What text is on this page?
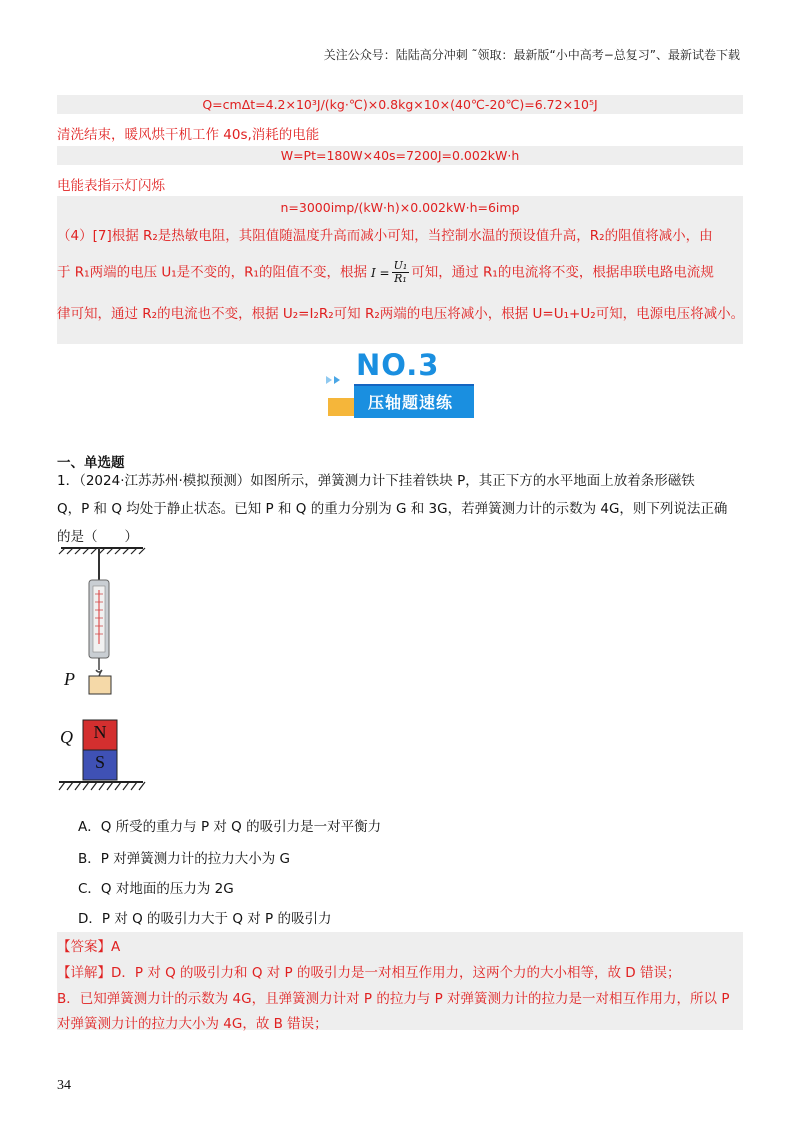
关注公众号：陆陆高分冲刺 ˜领取：最新版“小中高考−总复习”、最新试卷下载
Q=cmΔt=4.2×10³J/(kg·℃)×0.8kg×10×(40℃-20℃)=6.72×10⁵J
清洗结束，暖风烘干机工作 40s,消耗的电能
W=Pt=180W×40s=7200J=0.002kW·h
电能表指示灯闪烁
n=3000imp/(kW·h)×0.002kW·h=6imp
（4）[7]根据 R₂是热敏电阻，其阻值随温度升高而减小可知，当控制水温的预设值升高，R₂的阻值将减小，由
于 R₁两端的电压 U₁是不变的，R₁的阻值不变，根据 $I = \frac{\text{U₁}}{\text{R₁}}$ 可知，通过 R₁的电流将不变，根据串联电路电流规
律可知，通过 R₂的电流也不变，根据 U₂=I₂R₂可知 R₂两端的电压将减小，根据 U=U₁+U₂可知，电源电压将减小。
NO.3
压轴题速练
一、单选题
1．（2024·江苏苏州·模拟预测）如图所示，弹簧测力计下挂着铁块 P，其正下方的水平地面上放着条形磁铁
Q，P 和 Q 均处于静止状态。已知 P 和 Q 的重力分别为 G 和 3G，若弹簧测力计的示数为 4G，则下列说法正确
的是（　　）
P
Q	N
S
A．Q 所受的重力与 P 对 Q 的吸引力是一对平衡力
B．P 对弹簧测力计的拉力大小为 G
C．Q 对地面的压力为 2G
D．P 对 Q 的吸引力大于 Q 对 P 的吸引力
【答案】A
【详解】D．P 对 Q 的吸引力和 Q 对 P 的吸引力是一对相互作用力，这两个力的大小相等，故 D 错误；
B．已知弹簧测力计的示数为 4G，且弹簧测力计对 P 的拉力与 P 对弹簧测力计的拉力是一对相互作用力，所以 P
对弹簧测力计的拉力大小为 4G，故 B 错误；
34
